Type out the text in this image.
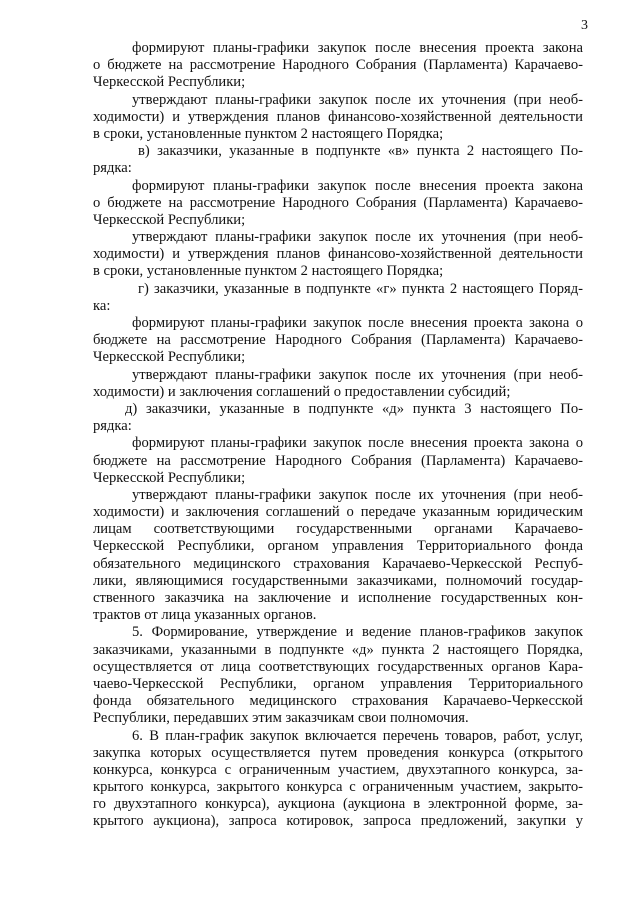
3
формируют планы-графики закупок после внесения проекта закона
о бюджете на рассмотрение Народного Собрания (Парламента) Карачаево-
Черкесской Республики;
утверждают планы-графики закупок после их уточнения (при необ-
ходимости) и утверждения планов финансово-хозяйственной деятельности
в сроки, установленные пунктом 2 настоящего Порядка;
в) заказчики, указанные в подпункте «в» пункта 2 настоящего По-
рядка:
формируют планы-графики закупок после внесения проекта закона
о бюджете на рассмотрение Народного Собрания (Парламента) Карачаево-
Черкесской Республики;
утверждают планы-графики закупок после их уточнения (при необ-
ходимости) и утверждения планов финансово-хозяйственной деятельности
в сроки, установленные пунктом 2 настоящего Порядка;
г) заказчики, указанные в подпункте «г» пункта 2 настоящего Поряд-
ка:
формируют планы-графики закупок после внесения проекта закона о
бюджете на рассмотрение Народного Собрания (Парламента) Карачаево-
Черкесской Республики;
утверждают планы-графики закупок после их уточнения (при необ-
ходимости) и заключения соглашений о предоставлении субсидий;
д) заказчики, указанные в подпункте «д» пункта 3 настоящего По-
рядка:
формируют планы-графики закупок после внесения проекта закона о
бюджете на рассмотрение Народного Собрания (Парламента) Карачаево-
Черкесской Республики;
утверждают планы-графики закупок после их уточнения (при необ-
ходимости) и заключения соглашений о передаче указанным юридическим
лицам соответствующими государственными органами Карачаево-
Черкесской Республики, органом управления Территориального фонда
обязательного медицинского страхования Карачаево-Черкесской Респуб-
лики, являющимися государственными заказчиками, полномочий государ-
ственного заказчика на заключение и исполнение государственных кон-
трактов от лица указанных органов.
5. Формирование, утверждение и ведение планов-графиков закупок
заказчиками, указанными в подпункте «д» пункта 2 настоящего Порядка,
осуществляется от лица соответствующих государственных органов Кара-
чаево-Черкесской Республики, органом управления Территориального
фонда обязательного медицинского страхования Карачаево-Черкесской
Республики, передавших этим заказчикам свои полномочия.
6. В план-график закупок включается перечень товаров, работ, услуг,
закупка которых осуществляется путем проведения конкурса (открытого
конкурса, конкурса с ограниченным участием, двухэтапного конкурса, за-
крытого конкурса, закрытого конкурса с ограниченным участием, закрыто-
го двухэтапного конкурса), аукциона (аукциона в электронной форме, за-
крытого аукциона), запроса котировок, запроса предложений, закупки у
